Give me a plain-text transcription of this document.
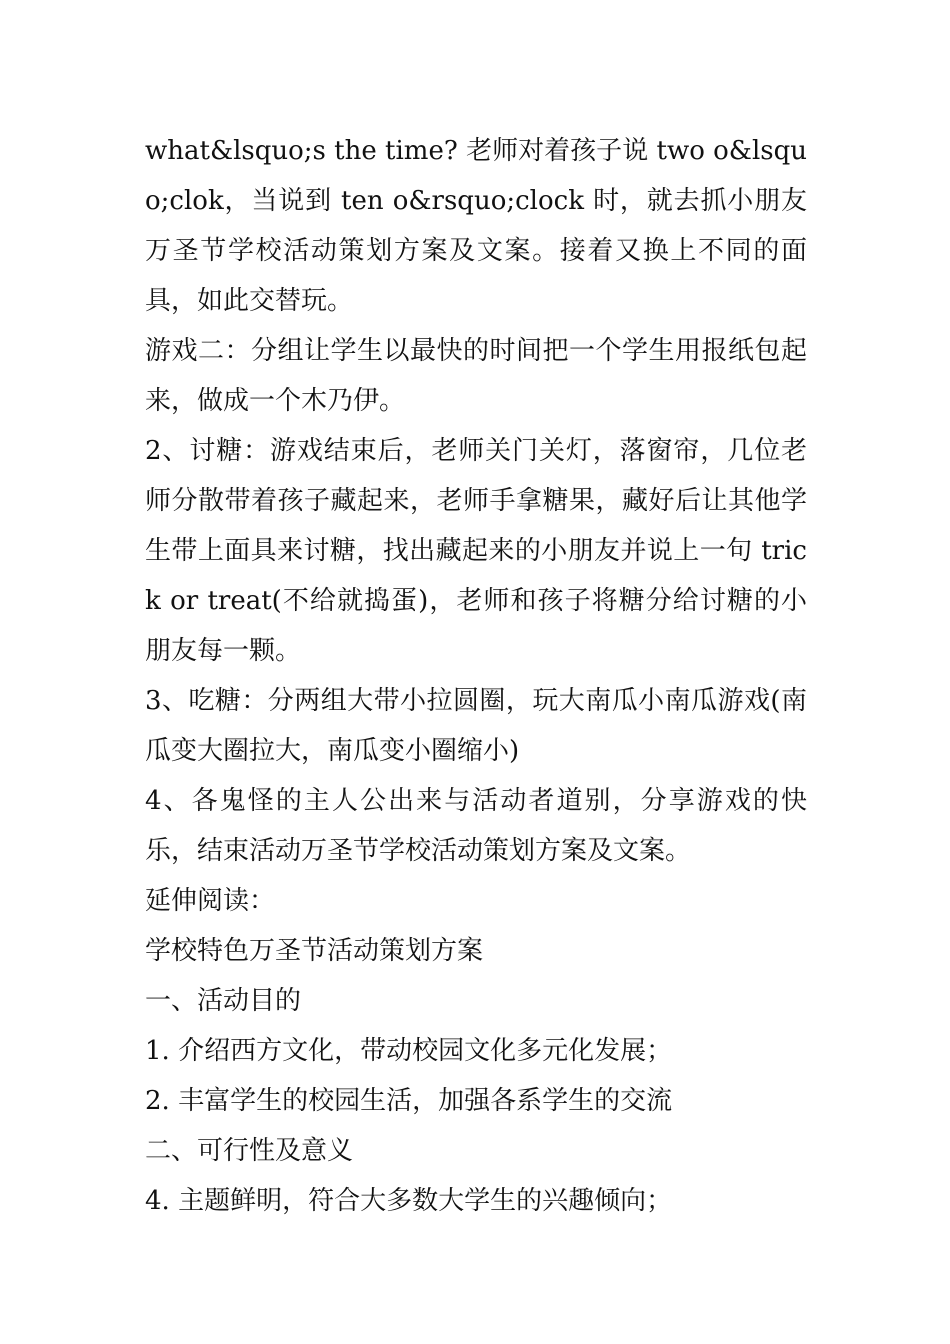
what&lsquo;s the time? 老师对着孩子说 two o&lsquo;clok，当说到 ten o&rsquo;clock 时，就去抓小朋友万圣节学校活动策划方案及文案。接着又换上不同的面具，如此交替玩。

游戏二：分组让学生以最快的时间把一个学生用报纸包起来，做成一个木乃伊。

2、讨糖：游戏结束后，老师关门关灯，落窗帘，几位老师分散带着孩子藏起来，老师手拿糖果，藏好后让其他学生带上面具来讨糖，找出藏起来的小朋友并说上一句 trick or treat(不给就捣蛋)，老师和孩子将糖分给讨糖的小朋友每一颗。

3、吃糖：分两组大带小拉圆圈，玩大南瓜小南瓜游戏(南瓜变大圈拉大，南瓜变小圈缩小)

4、各鬼怪的主人公出来与活动者道别，分享游戏的快乐，结束活动万圣节学校活动策划方案及文案。

延伸阅读：

学校特色万圣节活动策划方案

一、活动目的

1. 介绍西方文化，带动校园文化多元化发展；

2. 丰富学生的校园生活，加强各系学生的交流

二、可行性及意义

4. 主题鲜明，符合大多数大学生的兴趣倾向；
